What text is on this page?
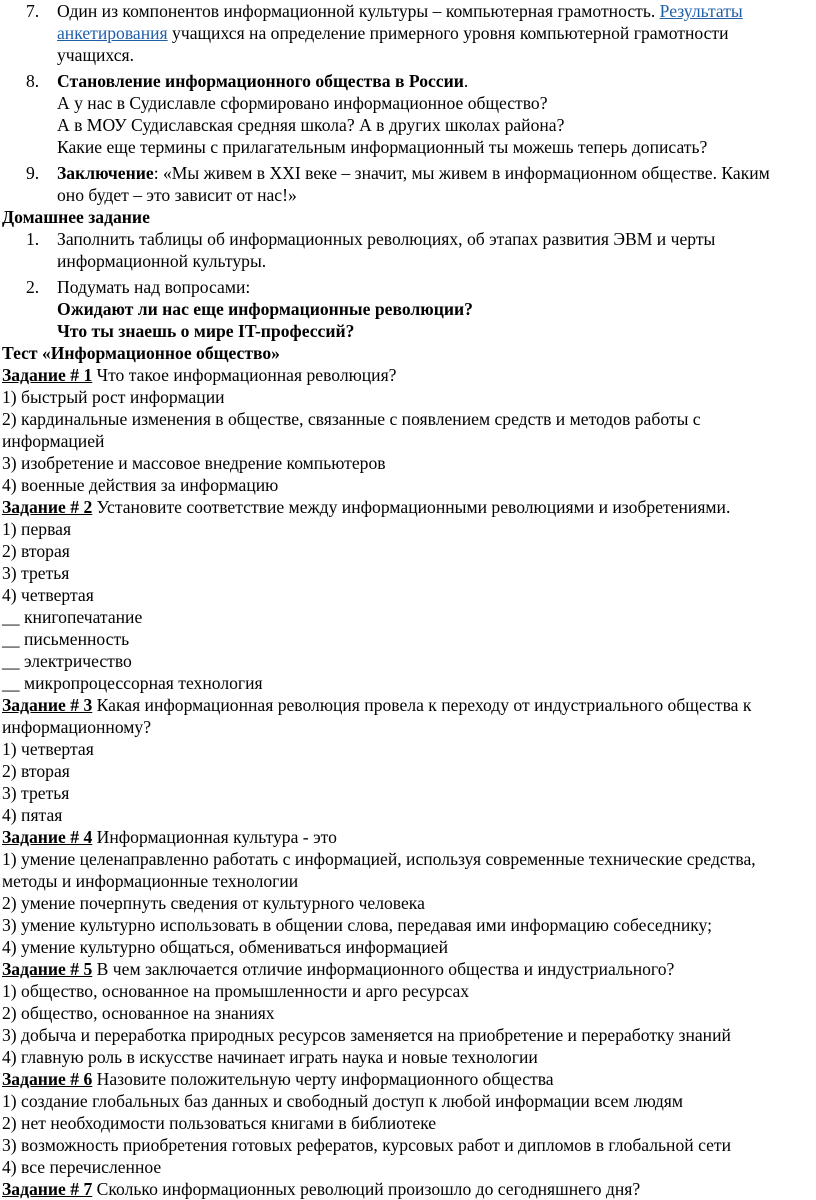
7. Один из компонентов информационной культуры – компьютерная грамотность. Результаты анкетирования учащихся на определение примерного уровня компьютерной грамотности учащихся.
8. Становление информационного общества в России.
А у нас в Судиславле сформировано информационное общество?
А в МОУ Судиславская средняя школа? А в других школах района?
Какие еще термины с прилагательным информационный ты можешь теперь дописать?
9. Заключение: «Мы живем в XXI веке – значит, мы живем в информационном обществе. Каким оно будет – это зависит от нас!»
Домашнее задание
1. Заполнить таблицы об информационных революциях, об этапах развития ЭВМ и черты информационной культуры.
2. Подумать над вопросами:
Ожидают ли нас еще информационные революции?
Что ты знаешь о мире IT-профессий?
Тест «Информационное общество»
Задание # 1 Что такое информационная революция?
1) быстрый рост информации
2) кардинальные изменения в обществе, связанные с появлением средств и методов работы с информацией
3) изобретение и массовое внедрение компьютеров
4) военные действия за информацию
Задание # 2 Установите соответствие между информационными революциями и изобретениями.
1) первая
2) вторая
3) третья
4) четвертая
__ книгопечатание
__ письменность
__ электричество
__ микропроцессорная технология
Задание # 3 Какая информационная революция провела к переходу от индустриального общества к информационному?
1) четвертая
2) вторая
3) третья
4) пятая
Задание # 4 Информационная культура - это
1) умение целенаправленно работать с информацией, используя современные технические средства, методы и информационные технологии
2) умение почерпнуть сведения от культурного человека
3) умение культурно использовать в общении слова, передавая ими информацию собеседнику;
4) умение культурно общаться, обмениваться информацией
Задание # 5 В чем заключается отличие информационного общества и индустриального?
1) общество, основанное на промышленности и арго ресурсах
2) общество, основанное на знаниях
3) добыча и переработка природных ресурсов заменяется на приобретение и переработку знаний
4) главную роль в искусстве начинает играть наука и новые технологии
Задание # 6 Назовите положительную черту информационного общества
1) создание глобальных баз данных и свободный доступ к любой информации всем людям
2) нет необходимости пользоваться книгами в библиотеке
3) возможность приобретения готовых рефератов, курсовых работ и дипломов в глобальной сети
4) все перечисленное
Задание # 7 Сколько информационных революций произошло до сегодняшнего дня?
